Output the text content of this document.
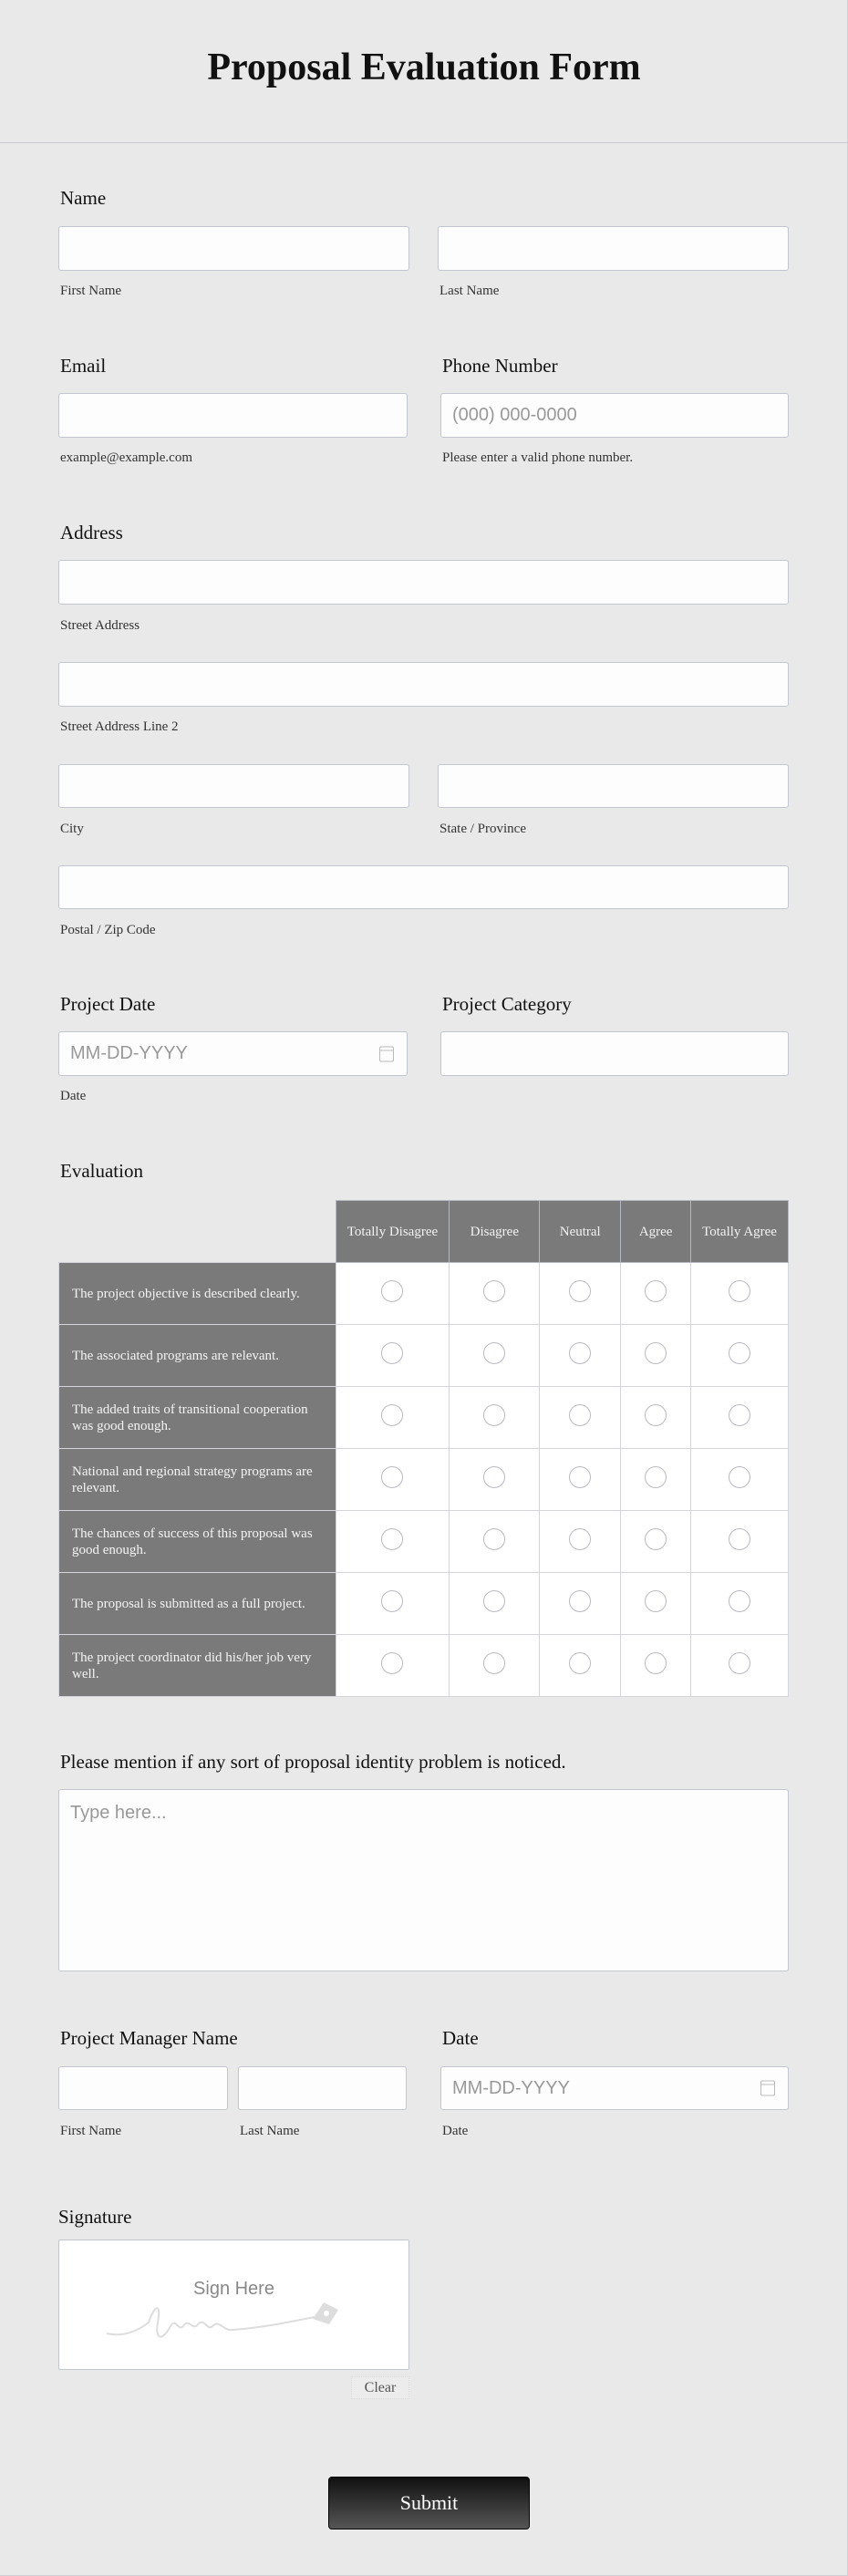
Proposal Evaluation Form
Name
First Name	Last Name
Email	Phone Number
(000) 000-0000
example@example.com	Please enter a valid phone number.
Address
Street Address
Street Address Line 2
City	State / Province
Postal / Zip Code
Project Date	Project Category
MM-DD-YYYY
Date
Evaluation
	Totally Disagree	Disagree	Neutral	Agree	Totally Agree
The project objective is described clearly.					
The associated programs are relevant.					
The added traits of transitional cooperation was good enough.					
National and regional strategy programs are relevant.					
The chances of success of this proposal was good enough.					
The proposal is submitted as a full project.					
The project coordinator did his/her job very well.					
Please mention if any sort of proposal identity problem is noticed.
Type here...
Project Manager Name	Date
MM-DD-YYYY
First Name	Last Name	Date
Signature
Sign Here
Clear
Submit
